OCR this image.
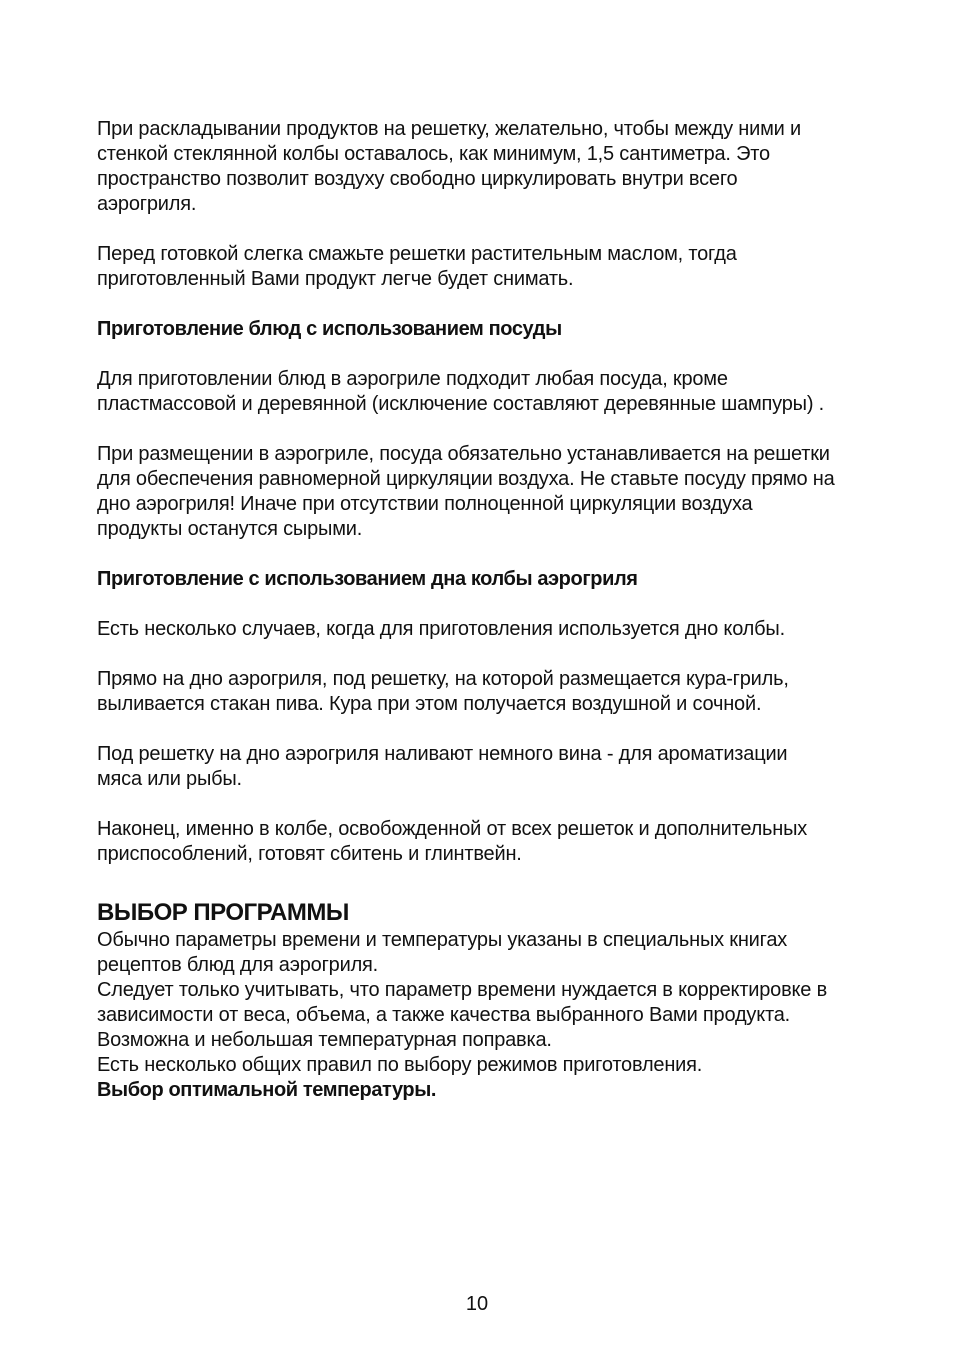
При раскладывании продуктов на решетку, желательно, чтобы между ними и стенкой стеклянной колбы оставалось, как минимум, 1,5 сантиметра. Это пространство позволит воздуху свободно циркулировать внутри всего аэрогриля.

Перед готовкой слегка смажьте решетки растительным маслом, тогда приготовленный Вами продукт легче будет снимать.

Приготовление блюд с использованием посуды

Для приготовлении блюд в аэрогриле подходит любая посуда, кроме пластмассовой и деревянной (исключение составляют деревянные шампуры) .

При размещении в аэрогриле, посуда обязательно устанавливается на решетки для обеспечения равномерной циркуляции воздуха. Не ставьте посуду прямо на дно аэрогриля! Иначе при отсутствии полноценной циркуляции воздуха продукты останутся сырыми.

Приготовление с использованием дна колбы аэрогриля

Есть несколько случаев, когда для приготовления используется дно колбы.

Прямо на дно аэрогриля, под решетку, на которой размещается кура-гриль, выливается стакан пива. Кура при этом получается воздушной и сочной.

Под решетку на дно аэрогриля наливают немного вина - для ароматизации мяса или рыбы.

Наконец, именно в колбе, освобожденной от всех решеток и дополнительных приспособлений, готовят сбитень и глинтвейн.

ВЫБОР ПРОГРАММЫ
Обычно параметры времени и температуры указаны в специальных книгах рецептов блюд для аэрогриля.
Следует только учитывать, что параметр времени нуждается в корректировке в зависимости от веса, объема, а также качества выбранного Вами продукта.
Возможна и небольшая температурная поправка.
Есть несколько общих правил по выбору режимов приготовления.
Выбор оптимальной температуры.
10
